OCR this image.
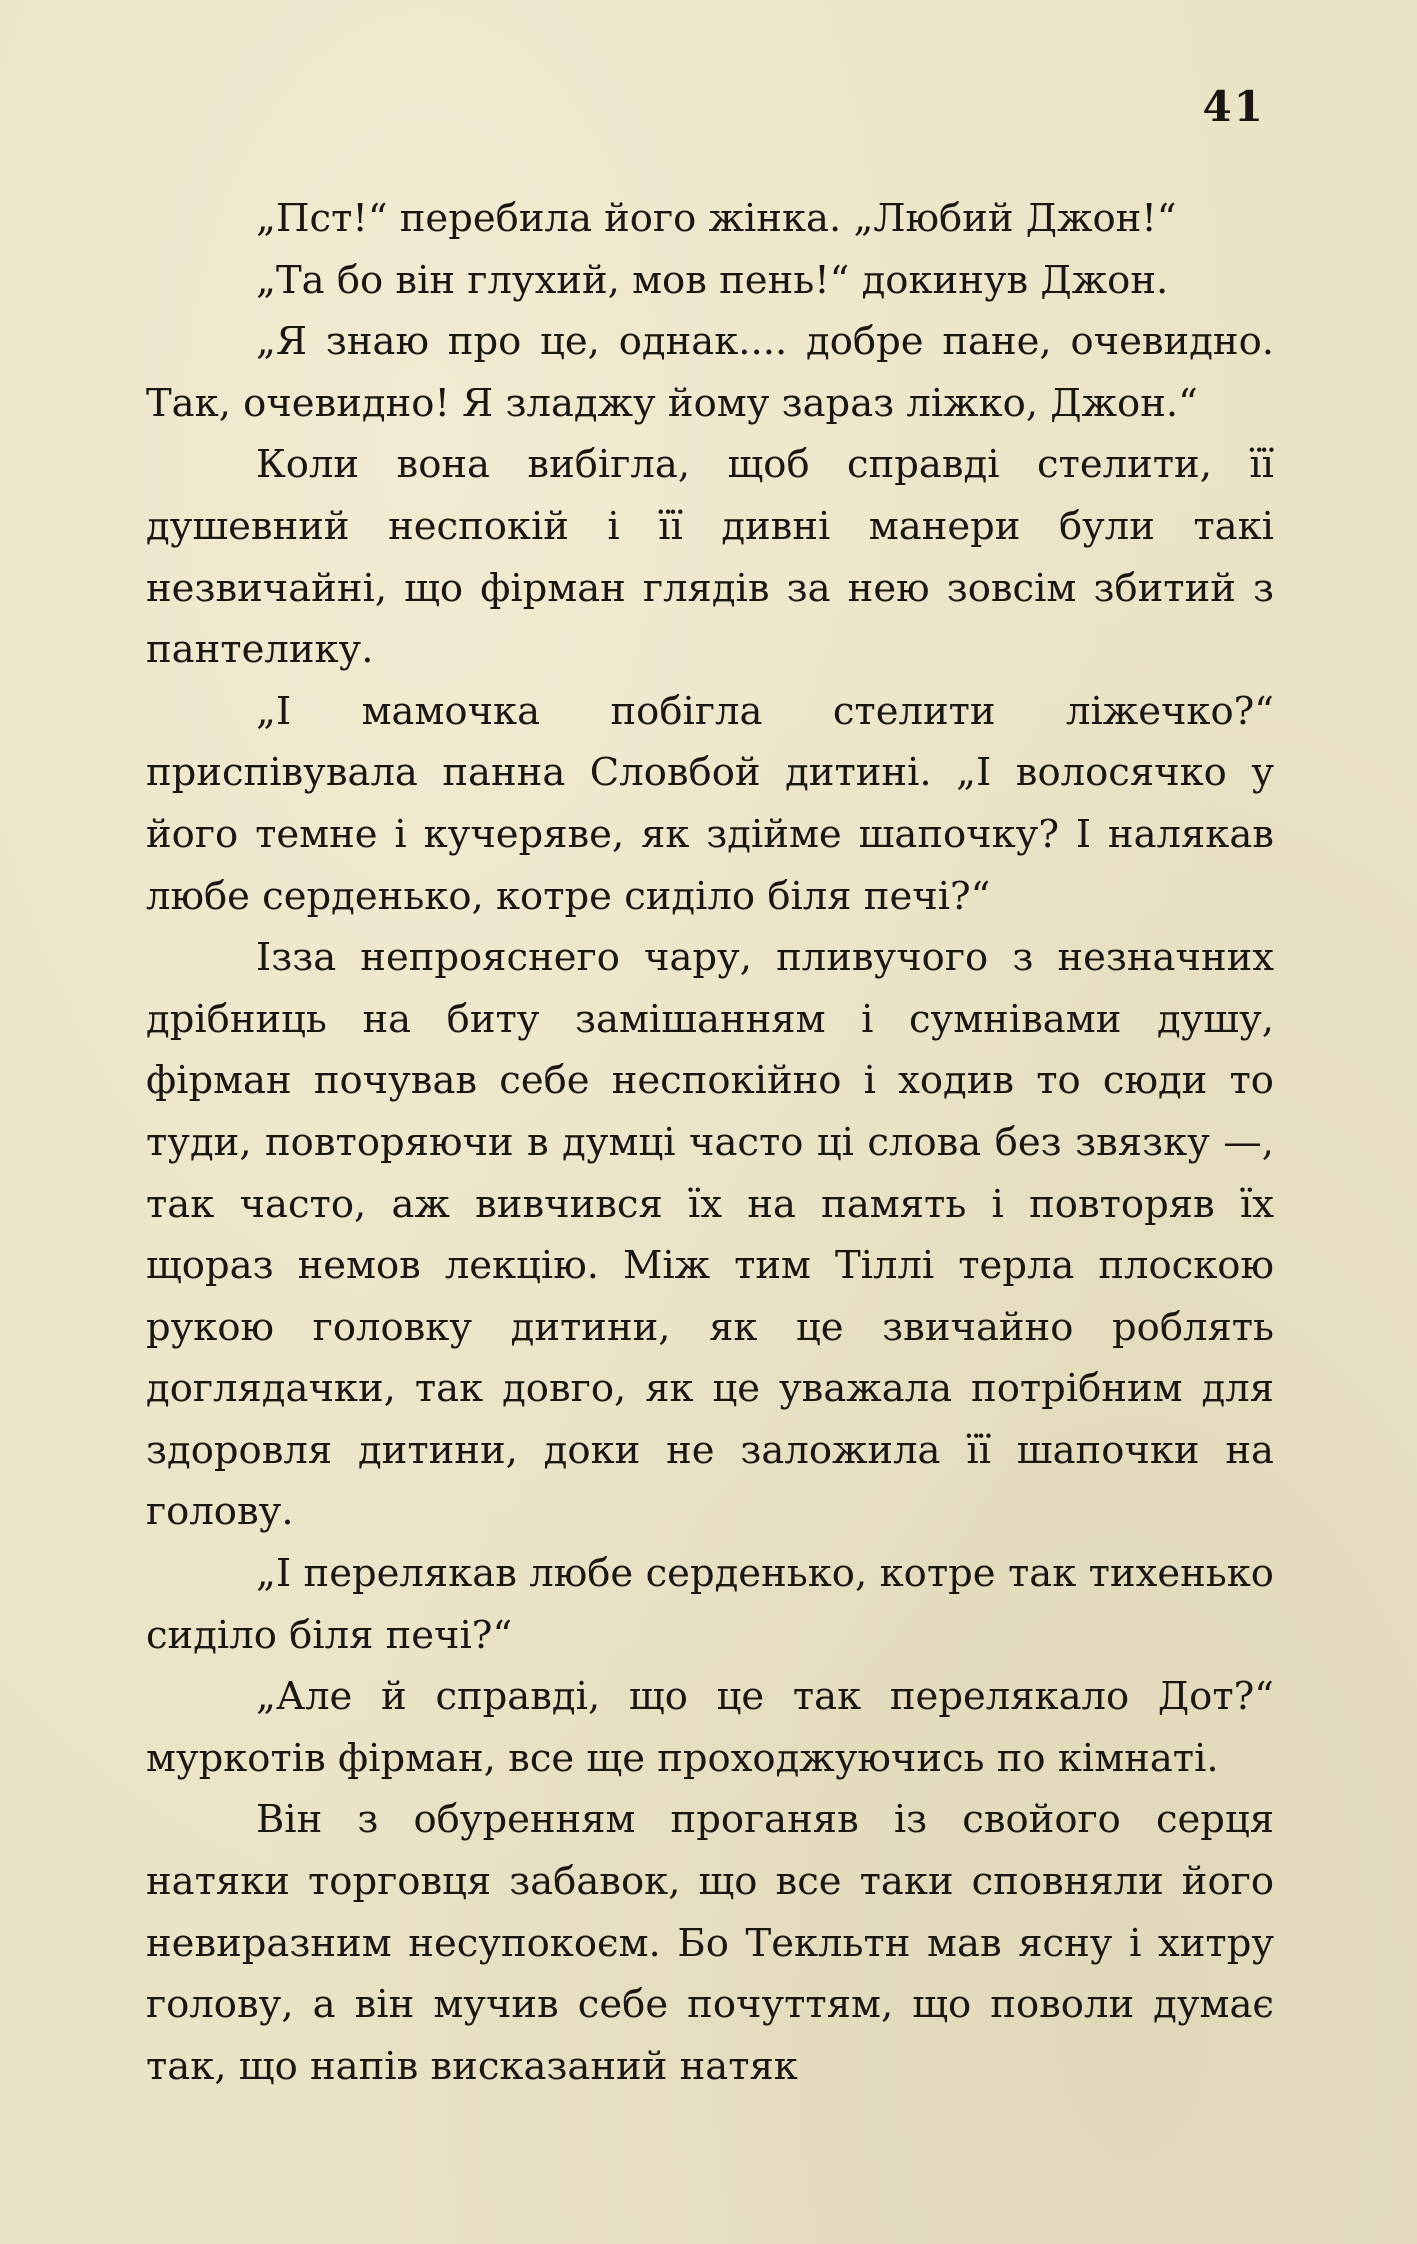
41

„Пст!“ перебила його жінка. „Любий Джон!“

„Та бо він глухий, мов пень!“ докинув Джон.

„Я знаю про це, однак.... добре пане, очевидно. Так, очевидно! Я зладжу йому зараз ліжко, Джон.“

Коли вона вибігла, щоб справді стелити, її душевний неспокій і її дивні манери були такі незвичайні, що фірман глядів за нею зовсім збитий з пантелику.

„І мамочка побігла стелити ліжечко?“ приспівувала панна Словбой дитині. „І волосячко у його темне і кучеряве, як здійме шапочку? І налякав любе серденько, котре сиділо біля печі?“

Ізза непрояснего чару, пливучого з незначних дрібниць на биту замішанням і сумнівами душу, фірман почував себе неспокійно і ходив то сюди то туди, повторяючи в думці часто ці слова без звязку —, так часто, аж вивчився їх на память і повторяв їх щораз немов лекцію. Між тим Тіллі терла плоскою рукою головку дитини, як це звичайно роблять доглядачки, так довго, як це уважала потрібним для здоровля дитини, доки не заложила її шапочки на голову.

„І перелякав любе серденько, котре так тихенько сиділо біля печі?“

„Але й справді, що це так перелякало Дот?“ муркотів фірман, все ще проходжуючись по кімнаті.

Він з обуренням проганяв із свойого серця натяки торговця забавок, що все таки сповняли його невиразним несупокоєм. Бо Текльтн мав ясну і хитру голову, а він мучив себе почуттям, що поволи думає так, що напів висказаний натяк
